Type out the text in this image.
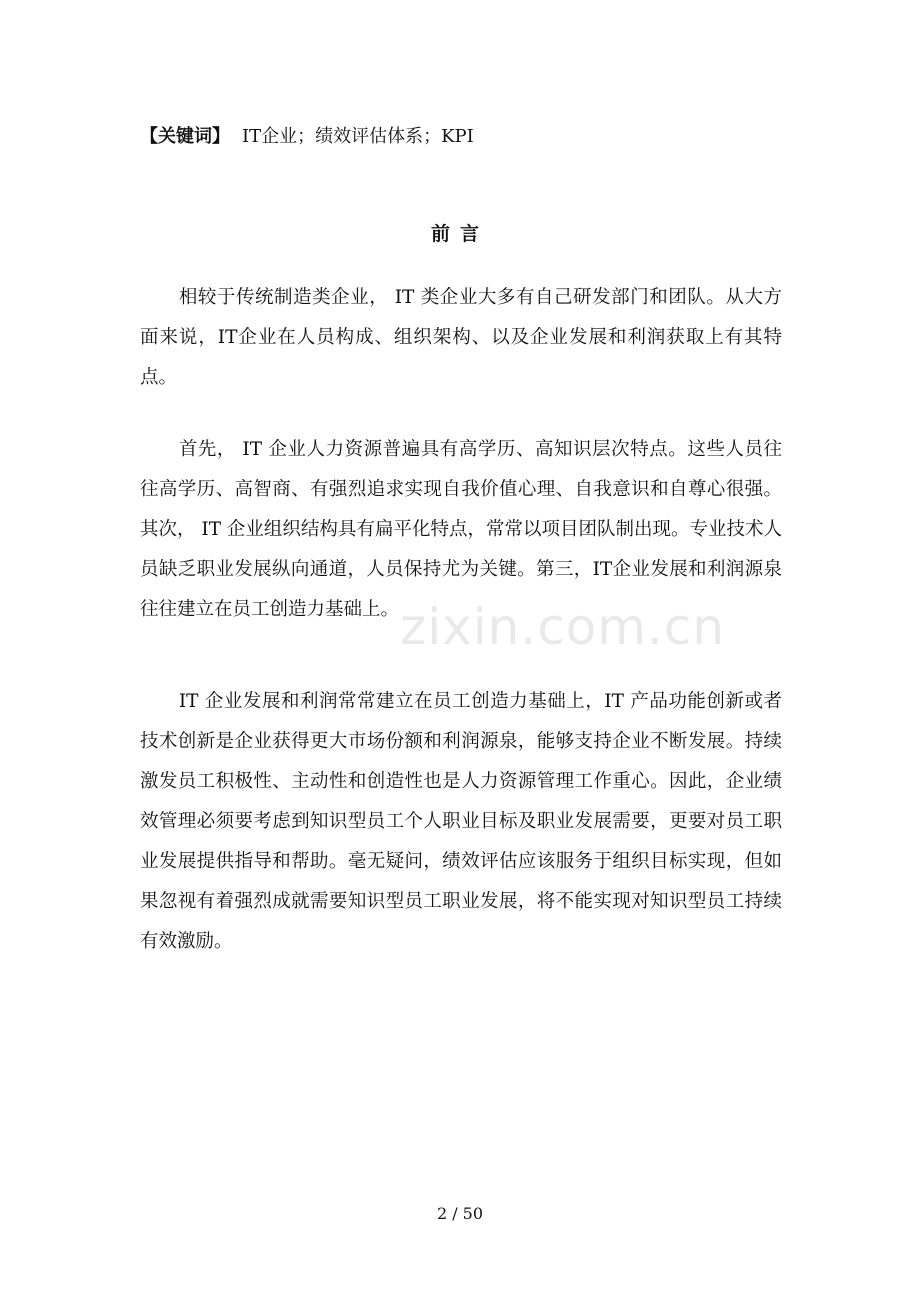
【关键词】 IT企业；绩效评估体系；KPI
前言

相较于传统制造类企业， IT 类企业大多有自己研发部门和团队。从大方面来说，IT企业在人员构成、组织架构、以及企业发展和利润获取上有其特点。

首先， IT 企业人力资源普遍具有高学历、高知识层次特点。这些人员往往高学历、高智商、有强烈追求实现自我价值心理、自我意识和自尊心很强。其次， IT 企业组织结构具有扁平化特点，常常以项目团队制出现。专业技术人员缺乏职业发展纵向通道，人员保持尤为关键。第三，IT企业发展和利润源泉往往建立在员工创造力基础上。

IT 企业发展和利润常常建立在员工创造力基础上，IT 产品功能创新或者技术创新是企业获得更大市场份额和利润源泉，能够支持企业不断发展。持续激发员工积极性、主动性和创造性也是人力资源管理工作重心。因此，企业绩效管理必须要考虑到知识型员工个人职业目标及职业发展需要，更要对员工职业发展提供指导和帮助。毫无疑问，绩效评估应该服务于组织目标实现，但如果忽视有着强烈成就需要知识型员工职业发展，将不能实现对知识型员工持续有效激励。

zixin.com.cn
2 / 50
